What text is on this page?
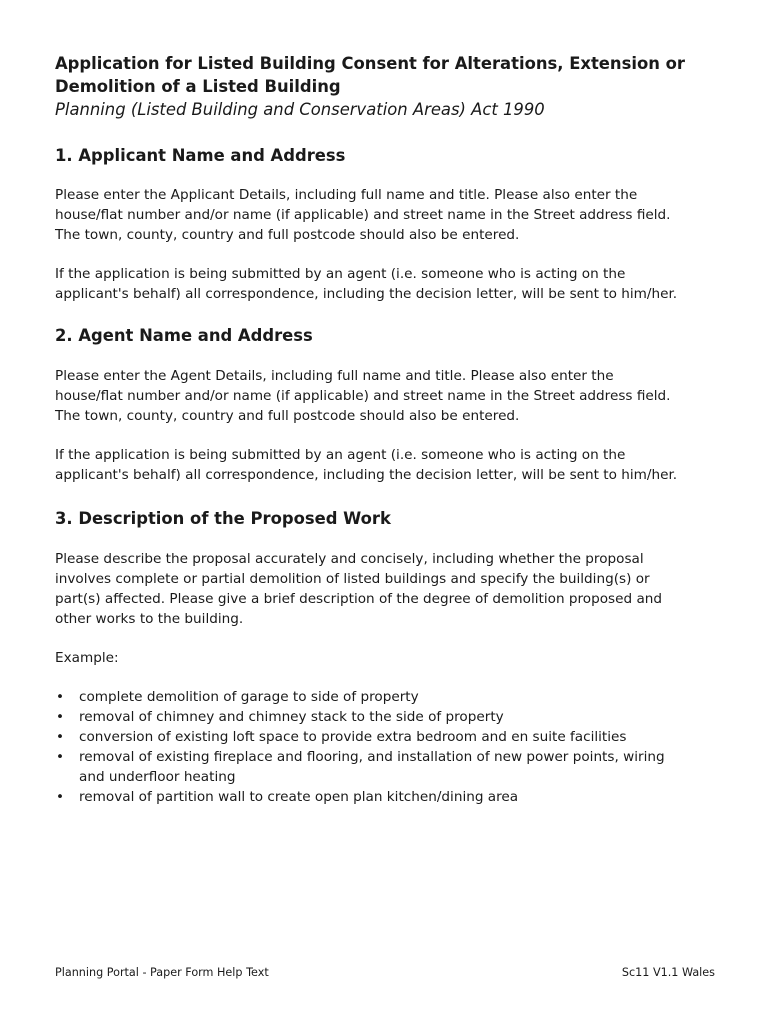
Application for Listed Building Consent for Alterations, Extension or
Demolition of a Listed Building

Planning (Listed Building and Conservation Areas) Act 1990

1. Applicant Name and Address

Please enter the Applicant Details, including full name and title. Please also enter the
house/flat number and/or name (if applicable) and street name in the Street address field.
The town, county, country and full postcode should also be entered.

If the application is being submitted by an agent (i.e. someone who is acting on the
applicant's behalf) all correspondence, including the decision letter, will be sent to him/her.

2. Agent Name and Address

Please enter the Agent Details, including full name and title. Please also enter the
house/flat number and/or name (if applicable) and street name in the Street address field.
The town, county, country and full postcode should also be entered.

If the application is being submitted by an agent (i.e. someone who is acting on the
applicant's behalf) all correspondence, including the decision letter, will be sent to him/her.

3. Description of the Proposed Work

Please describe the proposal accurately and concisely, including whether the proposal
involves complete or partial demolition of listed buildings and specify the building(s) or
part(s) affected. Please give a brief description of the degree of demolition proposed and
other works to the building.

Example:

• complete demolition of garage to side of property
• removal of chimney and chimney stack to the side of property
• conversion of existing loft space to provide extra bedroom and en suite facilities
• removal of existing fireplace and flooring, and installation of new power points, wiring
and underfloor heating
• removal of partition wall to create open plan kitchen/dining area
Planning Portal - Paper Form Help Text	Sc11 V1.1 Wales
